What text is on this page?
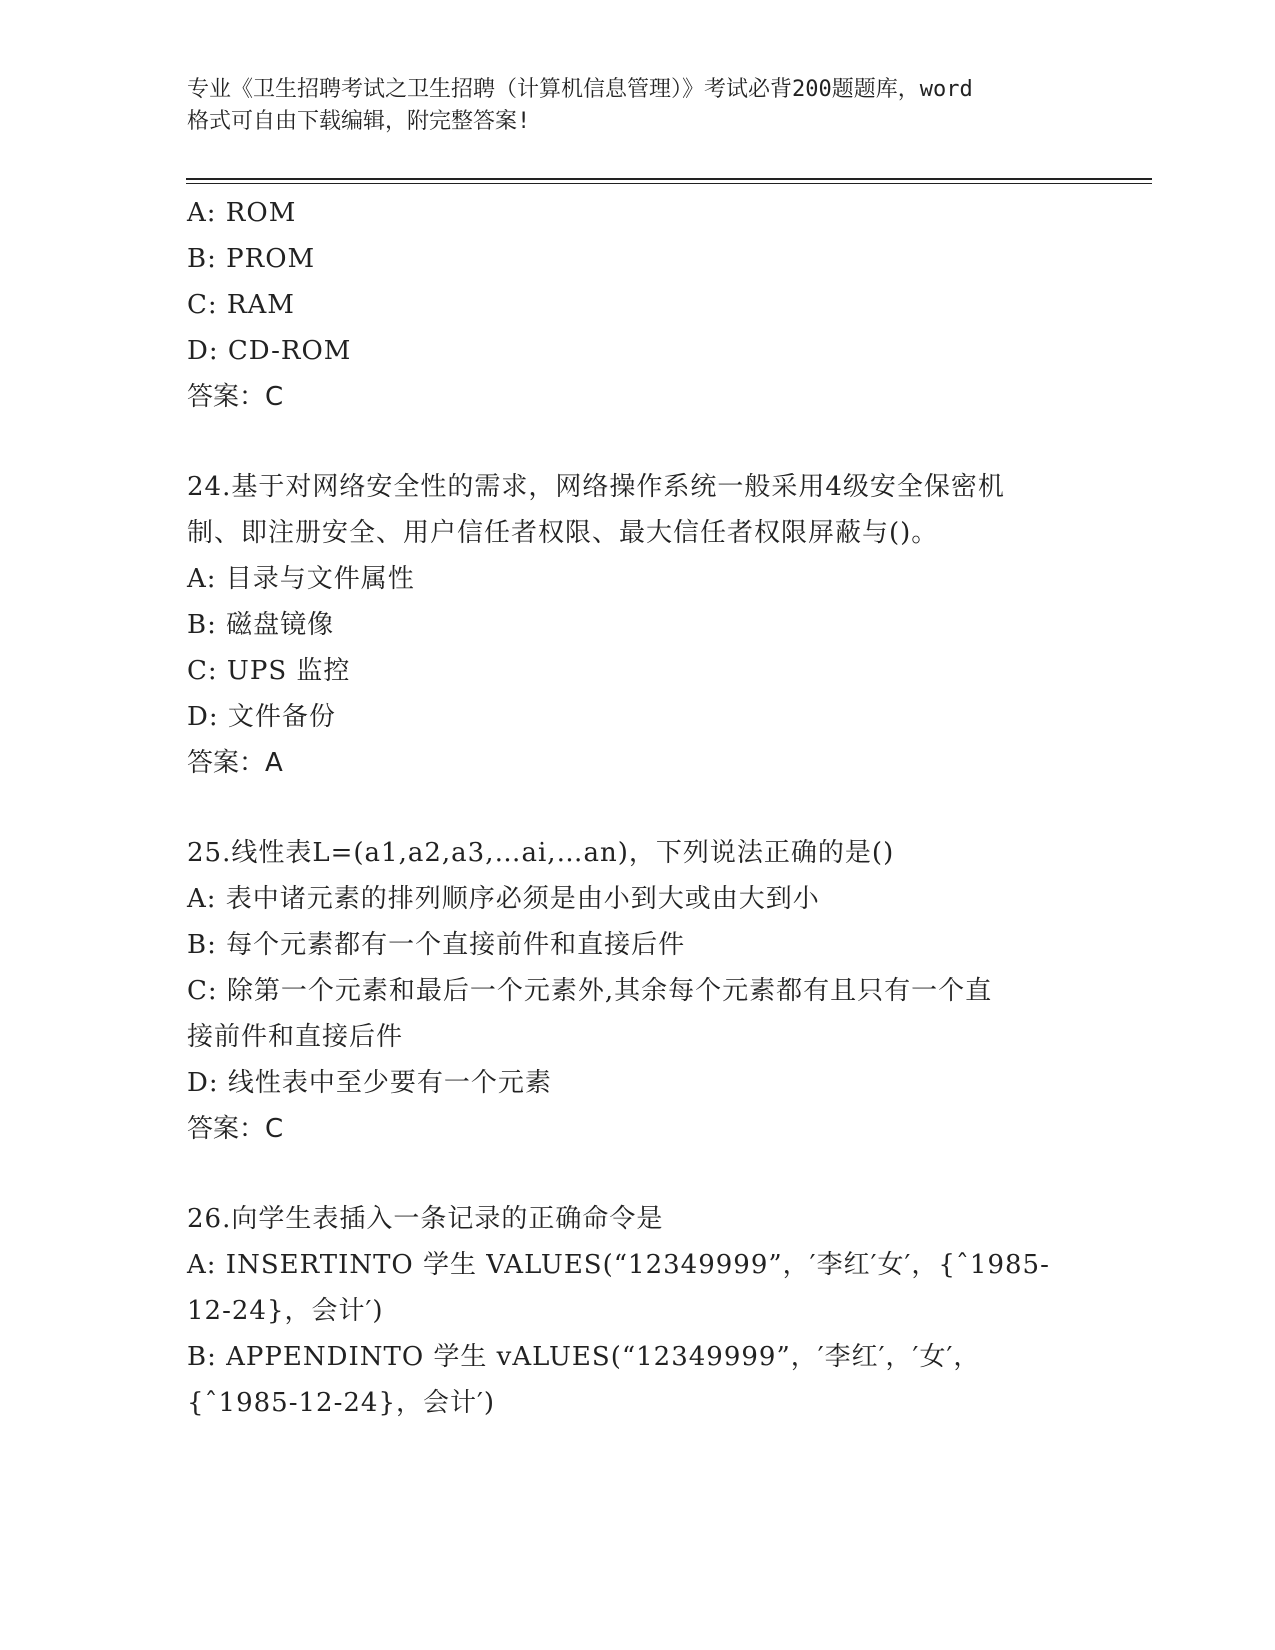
专业《卫生招聘考试之卫生招聘（计算机信息管理）》考试必背200题题库，word
格式可自由下载编辑，附完整答案!
A: ROM
B: PROM
C: RAM
D: CD-ROM
答案：C
24.基于对网络安全性的需求，网络操作系统一般采用4级安全保密机
制、即注册安全、用户信任者权限、最大信任者权限屏蔽与()。
A: 目录与文件属性
B: 磁盘镜像
C: UPS 监控
D: 文件备份
答案：A
25.线性表L=(a1,a2,a3,…ai,…an)，下列说法正确的是()
A: 表中诸元素的排列顺序必须是由小到大或由大到小
B: 每个元素都有一个直接前件和直接后件
C: 除第一个元素和最后一个元素外,其余每个元素都有且只有一个直
接前件和直接后件
D: 线性表中至少要有一个元素
答案：C
26.向学生表插入一条记录的正确命令是
A: INSERTINTO 学生 VALUES(“12349999”，′李红′女′，{ˆ1985-
12-24}，会计′)
B: APPENDINTO 学生 vALUES(“12349999”，′李红′，′女′，
{ˆ1985-12-24}，会计′)
